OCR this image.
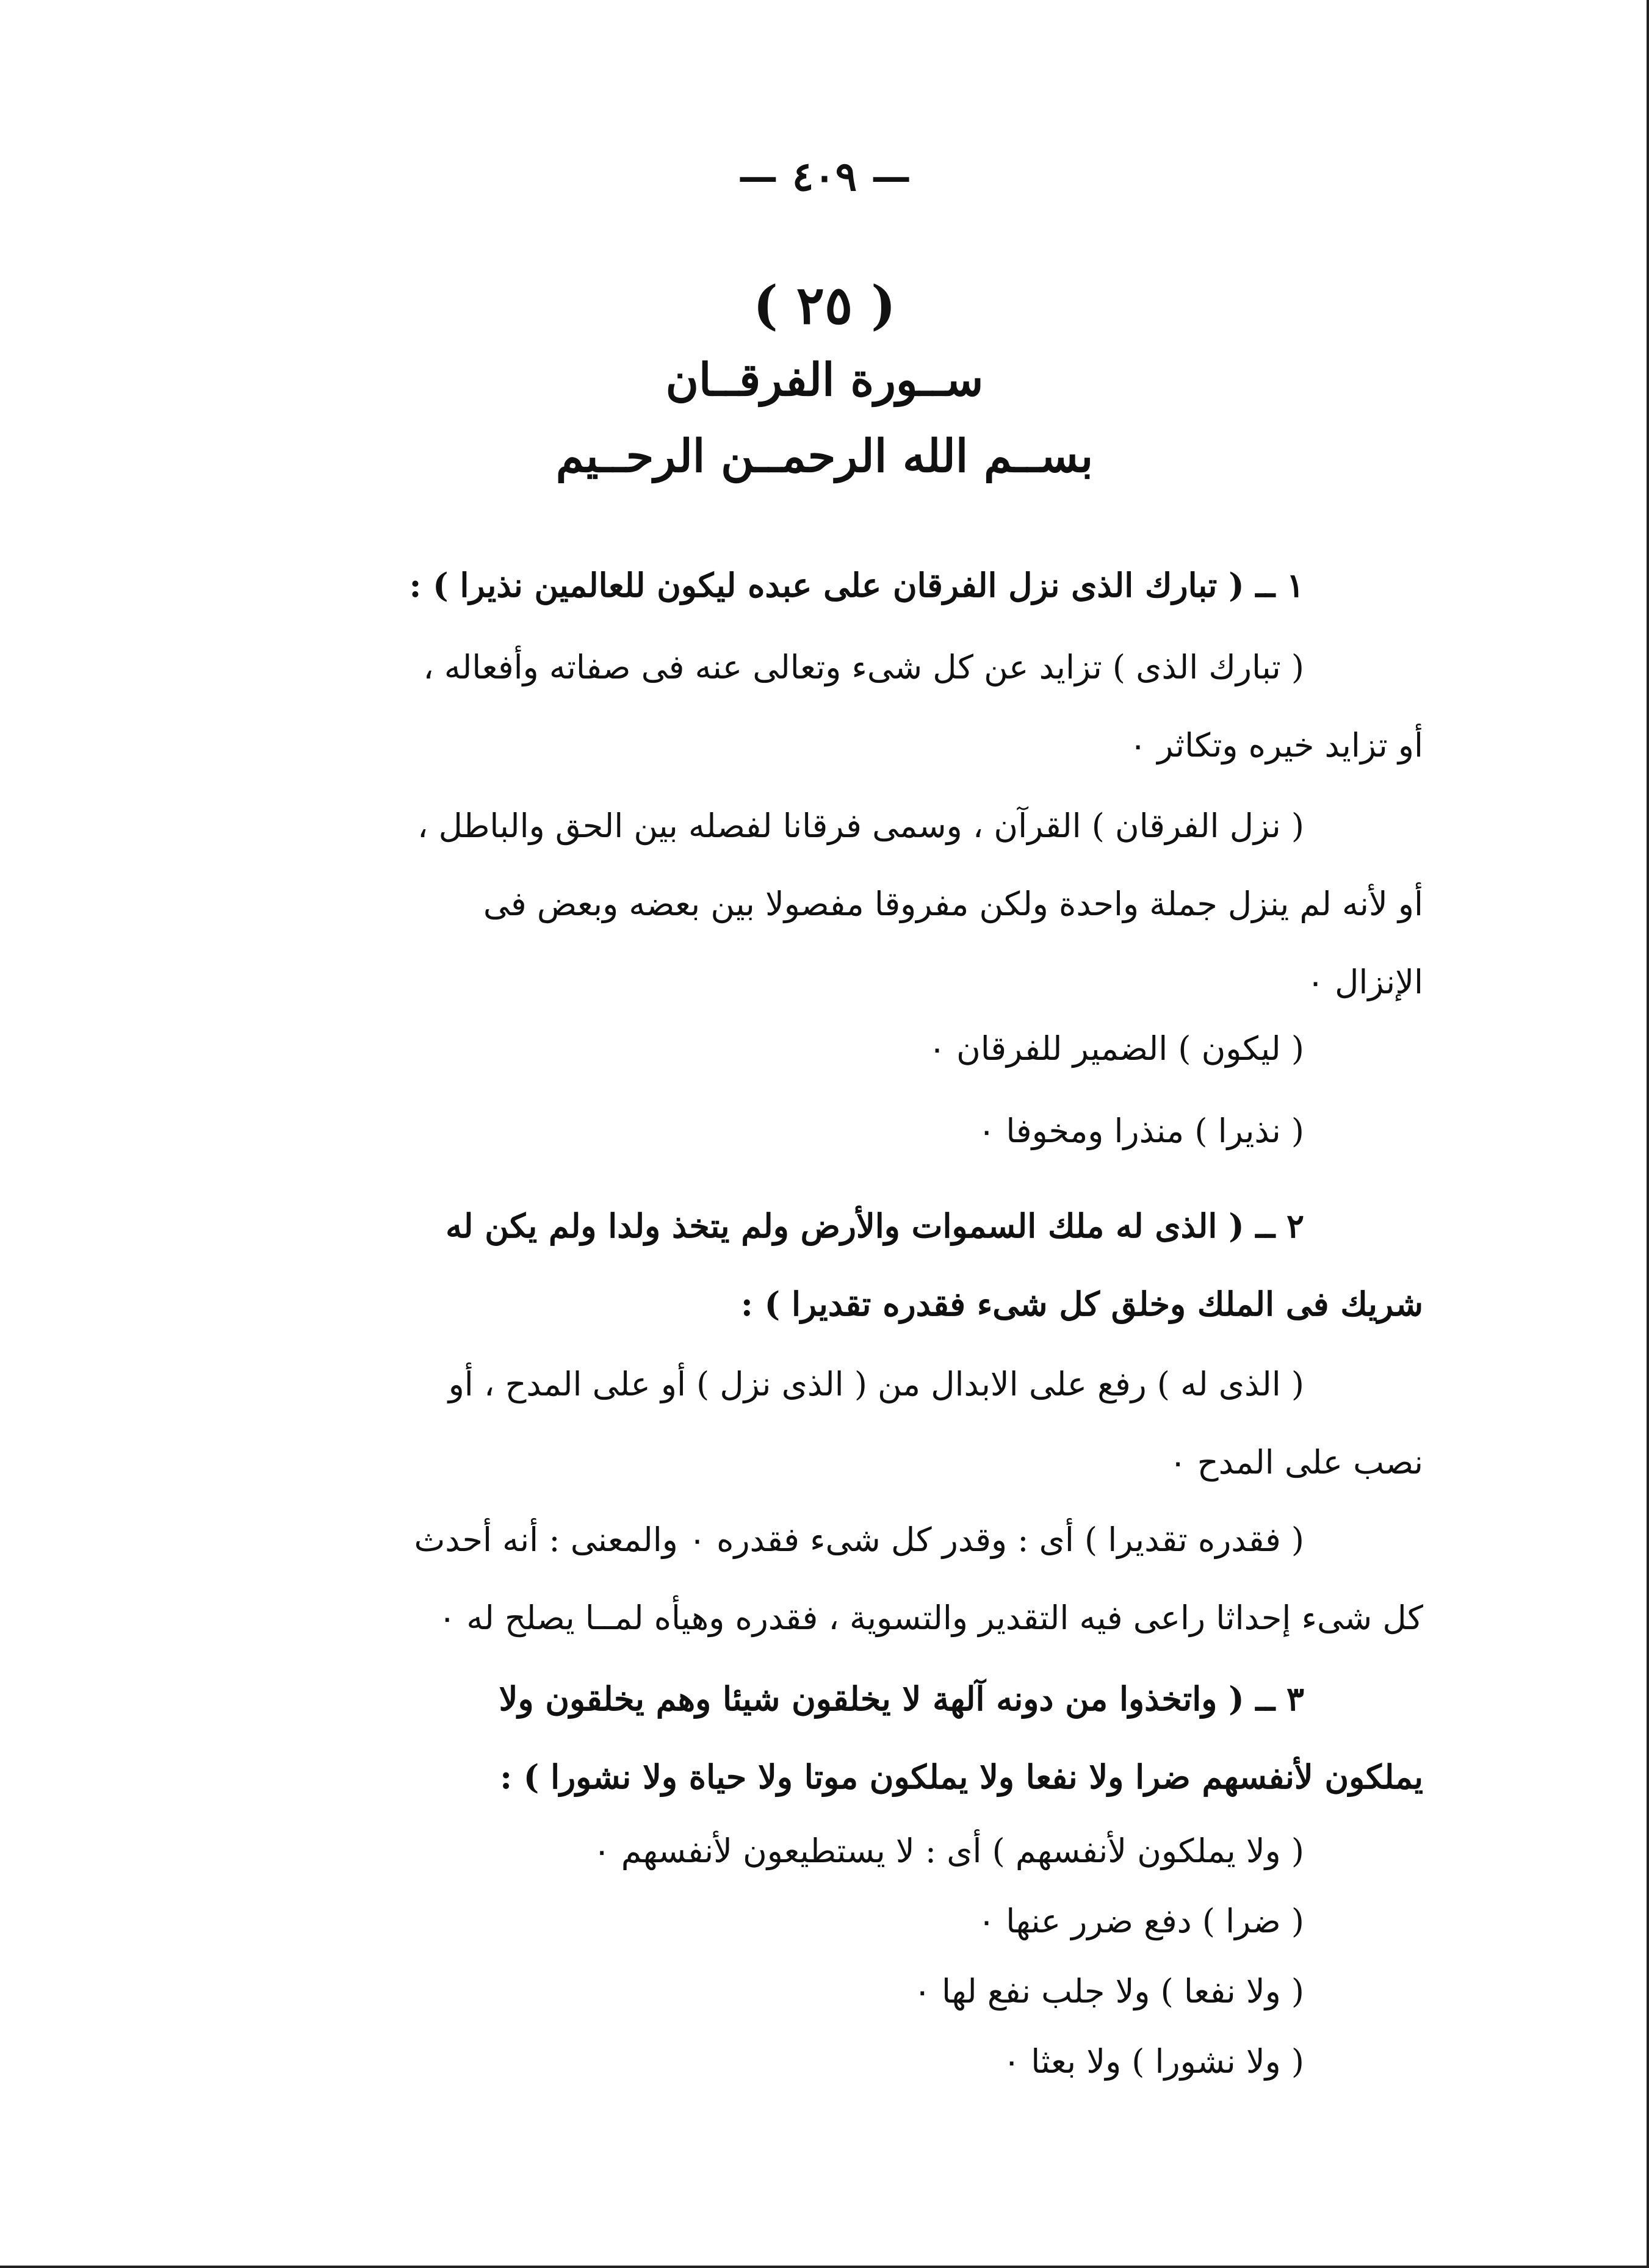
— ٤٠٩ —
( ٢٥ )
ســورة الفرقــان
بســم الله الرحمــن الرحــيم
١ ــ ( تبارك الذى نزل الفرقان على عبده ليكون للعالمين نذيرا ) :
( تبارك الذى ) تزايد عن كل شىء وتعالى عنه فى صفاته وأفعاله ،
أو تزايد خيره وتكاثر ٠
( نزل الفرقان ) القرآن ، وسمى فرقانا لفصله بين الحق والباطل ،
أو لأنه لم ينزل جملة واحدة ولكن مفروقا مفصولا بين بعضه وبعض فى
الإنزال ٠
( ليكون ) الضمير للفرقان ٠
( نذيرا ) منذرا ومخوفا ٠
٢ ــ ( الذى له ملك السموات والأرض ولم يتخذ ولدا ولم يكن له
شريك فى الملك وخلق كل شىء فقدره تقديرا ) :
( الذى له ) رفع على الابدال من ( الذى نزل ) أو على المدح ، أو
نصب على المدح ٠
( فقدره تقديرا ) أى : وقدر كل شىء فقدره ٠ والمعنى : أنه أحدث
كل شىء إحداثا راعى فيه التقدير والتسوية ، فقدره وهيأه لمــا يصلح له ٠
٣ ــ ( واتخذوا من دونه آلهة لا يخلقون شيئا وهم يخلقون ولا
يملكون لأنفسهم ضرا ولا نفعا ولا يملكون موتا ولا حياة ولا نشورا ) :
( ولا يملكون لأنفسهم ) أى : لا يستطيعون لأنفسهم ٠
( ضرا ) دفع ضرر عنها ٠
( ولا نفعا ) ولا جلب نفع لها ٠
( ولا نشورا ) ولا بعثا ٠
